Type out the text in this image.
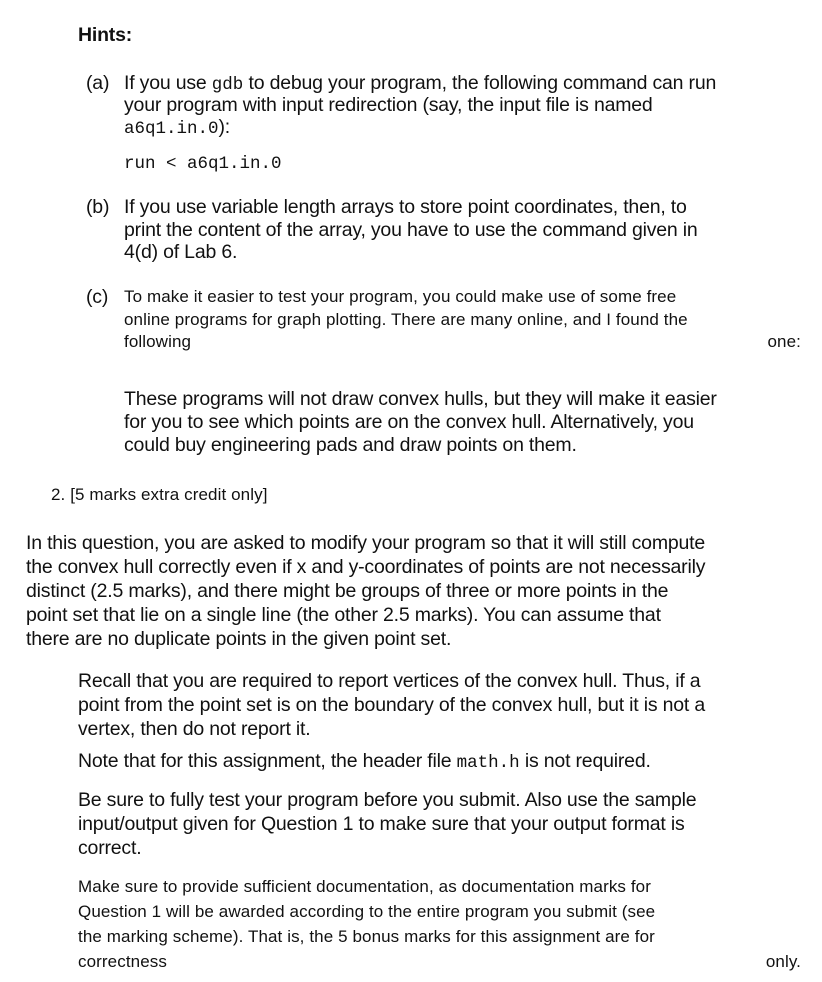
Hints:
(a) If you use gdb to debug your program, the following command can run
your program with input redirection (say, the input file is named
a6q1.in.0):
run < a6q1.in.0
(b) If you use variable length arrays to store point coordinates, then, to
print the content of the array, you have to use the command given in
4(d) of Lab 6.
(c) To make it easier to test your program, you could make use of some free
online programs for graph plotting. There are many online, and I found the
following	one:
These programs will not draw convex hulls, but they will make it easier
for you to see which points are on the convex hull. Alternatively, you
could buy engineering pads and draw points on them.
2. [5 marks extra credit only]
In this question, you are asked to modify your program so that it will still compute
the convex hull correctly even if x and y-coordinates of points are not necessarily
distinct (2.5 marks), and there might be groups of three or more points in the
point set that lie on a single line (the other 2.5 marks). You can assume that
there are no duplicate points in the given point set.
Recall that you are required to report vertices of the convex hull. Thus, if a
point from the point set is on the boundary of the convex hull, but it is not a
vertex, then do not report it.
Note that for this assignment, the header file math.h is not required.
Be sure to fully test your program before you submit. Also use the sample
input/output given for Question 1 to make sure that your output format is
correct.
Make sure to provide sufficient documentation, as documentation marks for
Question 1 will be awarded according to the entire program you submit (see
the marking scheme). That is, the 5 bonus marks for this assignment are for
correctness	only.
